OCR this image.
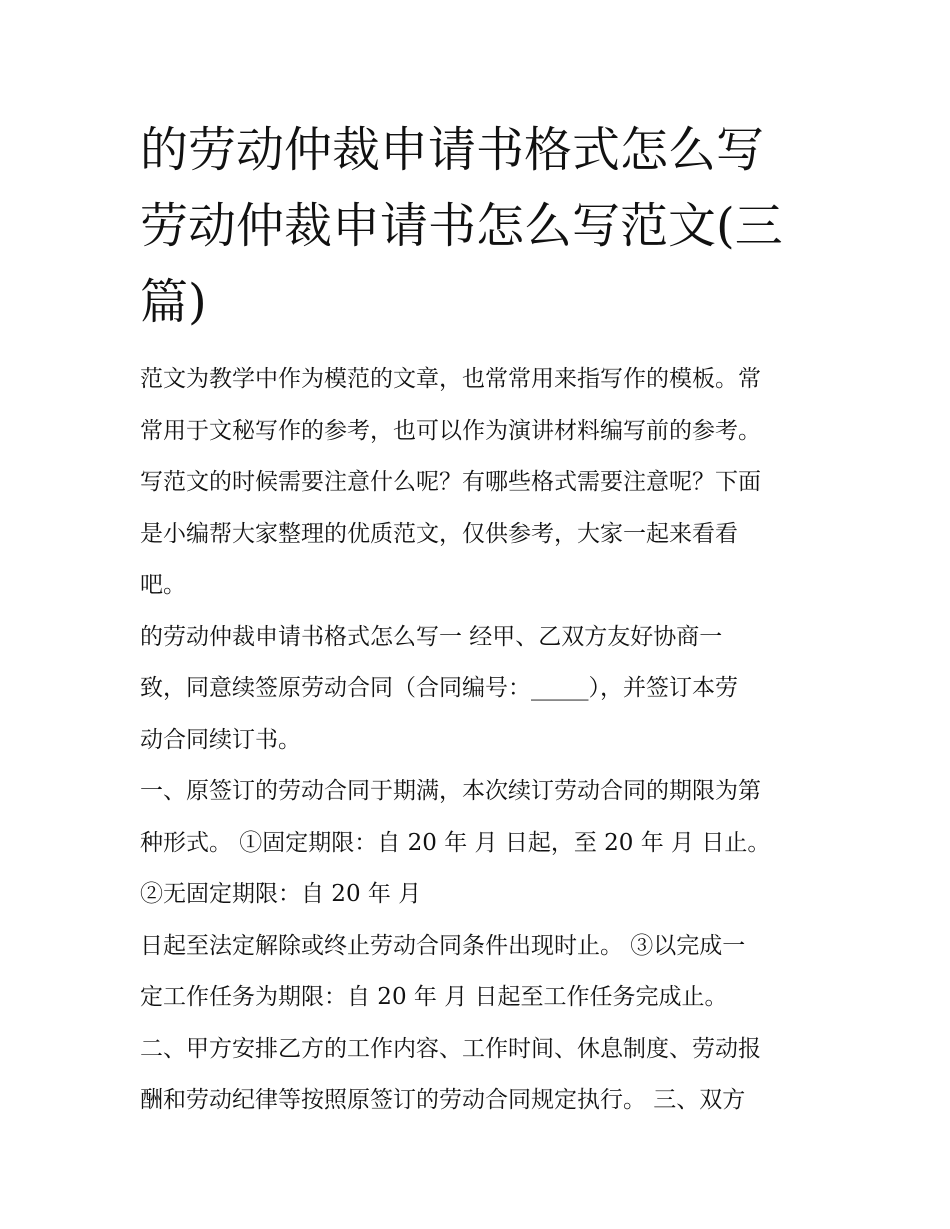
的劳动仲裁申请书格式怎么写
劳动仲裁申请书怎么写范文(三
篇)
范文为教学中作为模范的文章，也常常用来指写作的模板。常
常用于文秘写作的参考，也可以作为演讲材料编写前的参考。
写范文的时候需要注意什么呢？有哪些格式需要注意呢？下面
是小编帮大家整理的优质范文，仅供参考，大家一起来看看
吧。
的劳动仲裁申请书格式怎么写一 经甲、乙双方友好协商一
致，同意续签原劳动合同（合同编号：_____），并签订本劳
动合同续订书。
一、原签订的劳动合同于期满，本次续订劳动合同的期限为第
种形式。 ①固定期限：自 20 年 月 日起，至 20 年 月 日止。
②无固定期限：自 20 年 月
日起至法定解除或终止劳动合同条件出现时止。 ③以完成一
定工作任务为期限：自 20 年 月 日起至工作任务完成止。
二、甲方安排乙方的工作内容、工作时间、休息制度、劳动报
酬和劳动纪律等按照原签订的劳动合同规定执行。 三、双方
